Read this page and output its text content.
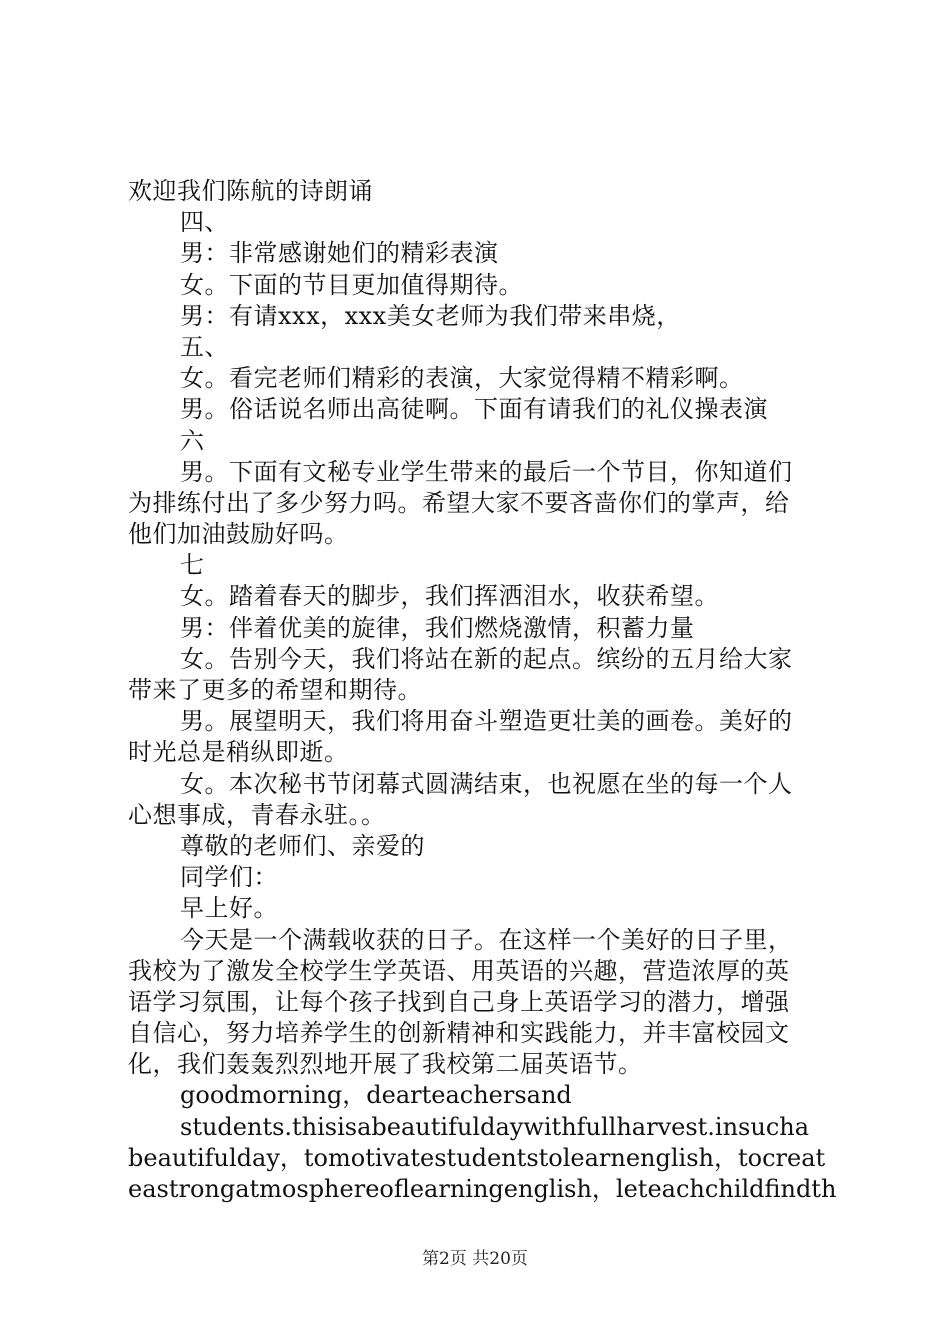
欢迎我们陈航的诗朗诵

四、

男：非常感谢她们的精彩表演

女。下面的节目更加值得期待。

男：有请xxx，xxx美女老师为我们带来串烧，

五、

女。看完老师们精彩的表演，大家觉得精不精彩啊。

男。俗话说名师出高徒啊。下面有请我们的礼仪操表演

六

男。下面有文秘专业学生带来的最后一个节目，你知道们

为排练付出了多少努力吗。希望大家不要吝啬你们的掌声，给

他们加油鼓励好吗。

七

女。踏着春天的脚步，我们挥洒泪水，收获希望。

男：伴着优美的旋律，我们燃烧激情，积蓄力量

女。告别今天，我们将站在新的起点。缤纷的五月给大家

带来了更多的希望和期待。

男。展望明天，我们将用奋斗塑造更壮美的画卷。美好的

时光总是稍纵即逝。

女。本次秘书节闭幕式圆满结束，也祝愿在坐的每一个人

心想事成，青春永驻。。

尊敬的老师们、亲爱的

同学们：

早上好。

今天是一个满载收获的日子。在这样一个美好的日子里，

我校为了激发全校学生学英语、用英语的兴趣，营造浓厚的英

语学习氛围，让每个孩子找到自己身上英语学习的潜力，增强

自信心，努力培养学生的创新精神和实践能力，并丰富校园文

化，我们轰轰烈烈地开展了我校第二届英语节。

goodmorning，dearteachersand

students.thisisabeautifuldaywithfullharvest.insucha

beautifulday，tomotivatestudentstolearnenglish，tocreat

eastrongatmosphereoflearningenglish，leteachchildfindth

第2页 共20页
